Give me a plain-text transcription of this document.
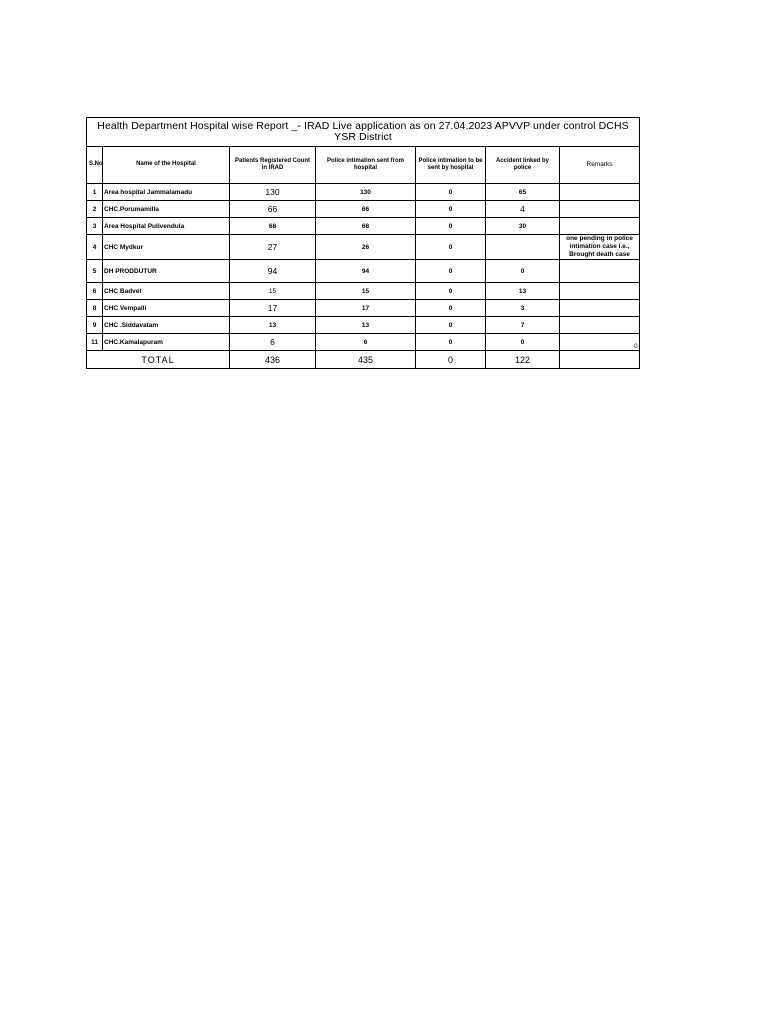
Health Department Hospital wise Report _- IRAD Live application as on 27.04.2023 APVVP under control DCHS YSR District						
S.No	Name of the Hospital	Patients Registered Count in IRAD	Police intimation sent from hospital	Police intimation to be sent by hospital	Accident linked by police	Remarks
1	Area hospital Jammalamadu	130	130	0	65	
2	CHC.Porumamilla	66	66	0	4	
3	Area Hospital Pulivendula	68	68	0	30	
4	CHC Mydkur	27	26	0		one pending in police intimation case i.e., Brought death case
5	DH PRODDUTUR	94	94	0	0	
6	CHC Badvel	15	15	0	13	
8	CHC Vempalli	17	17	0	3	
9	CHC .Siddavatam	13	13	0	7	
11	CHC.Kamalapuram	6	6	0	0	
TOTAL		436	435	0	122	
0
